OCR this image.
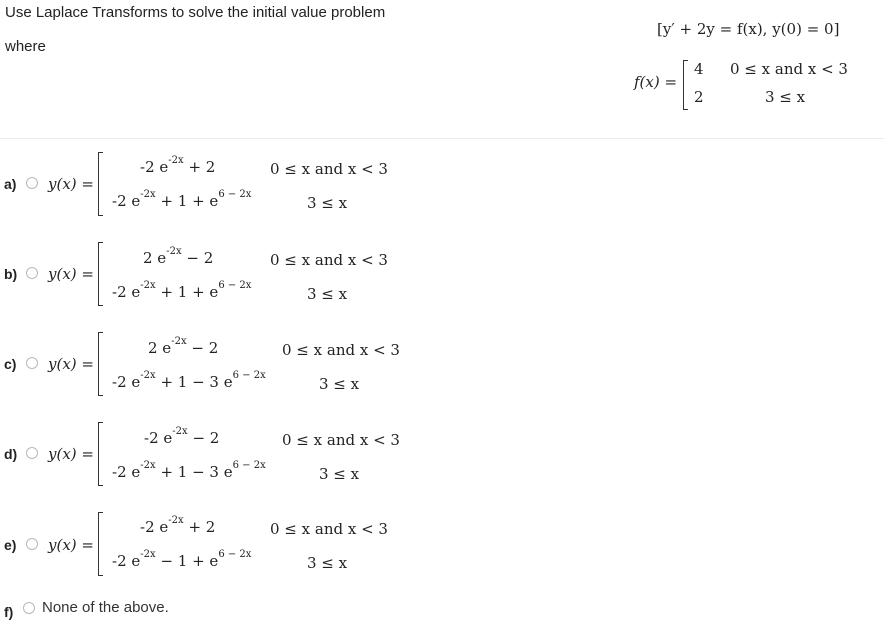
Use Laplace Transforms to solve the initial value problem
where
[y′ + 2y = f(x), y(0) = 0]
f(x) =
4 0 ≤ x and x < 3
2	3 ≤ x
a) y(x) =
-2 $e^{-2x} + 2$
-2 $e^{-2x} + 1 + e^{6 - 2x}$
0 ≤ x and x < 3
3 ≤ x
b) y(x) =
2 $e^{-2x} - 2$
-2 $e^{-2x} + 1 + e^{6 - 2x}$
0 ≤ x and x < 3
3 ≤ x
c) y(x) =
2 $e^{-2x} - 2$
-2 $e^{-2x} + 1 - 3$ $e^{6 - 2x}$
0 ≤ x and x < 3
3 ≤ x
d) y(x) =
-2 $e^{-2x} - 2$
-2 $e^{-2x} + 1 - 3$ $e^{6 - 2x}$
0 ≤ x and x < 3
3 ≤ x
e) y(x) =
-2 $e^{-2x} + 2$
-2 $e^{-2x} - 1 + e^{6 - 2x}$
0 ≤ x and x < 3
3 ≤ x
f) None of the above.
